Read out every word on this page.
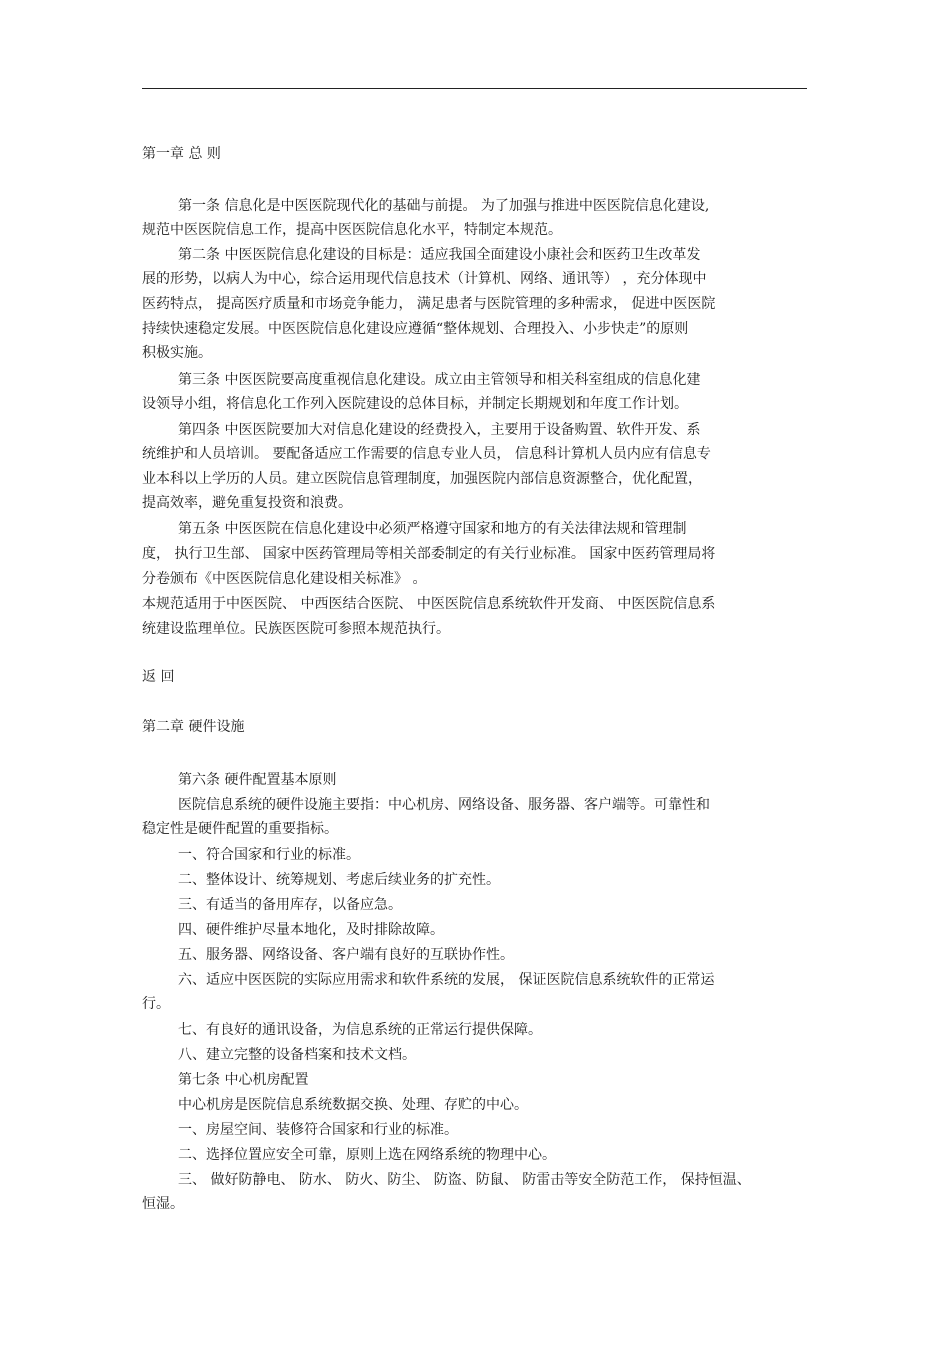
第一章 总 则
第一条 信息化是中医医院现代化的基础与前提。 为了加强与推进中医医院信息化建设,
规范中医医院信息工作，提高中医医院信息化水平，特制定本规范。
第二条 中医医院信息化建设的目标是：适应我国全面建设小康社会和医药卫生改革发
展的形势，以病人为中心，综合运用现代信息技术（计算机、网络、通讯等） ，充分体现中
医药特点， 提高医疗质量和市场竞争能力， 满足患者与医院管理的多种需求， 促进中医医院
持续快速稳定发展。中医医院信息化建设应遵循“整体规划、合理投入、小步快走”的原则
积极实施。
第三条 中医医院要高度重视信息化建设。成立由主管领导和相关科室组成的信息化建
设领导小组，将信息化工作列入医院建设的总体目标，并制定长期规划和年度工作计划。
第四条 中医医院要加大对信息化建设的经费投入，主要用于设备购置、软件开发、系
统维护和人员培训。 要配备适应工作需要的信息专业人员， 信息科计算机人员内应有信息专
业本科以上学历的人员。建立医院信息管理制度，加强医院内部信息资源整合，优化配置，
提高效率，避免重复投资和浪费。
第五条 中医医院在信息化建设中必须严格遵守国家和地方的有关法律法规和管理制
度， 执行卫生部、 国家中医药管理局等相关部委制定的有关行业标准。 国家中医药管理局将
分卷颁布《中医医院信息化建设相关标准》 。
本规范适用于中医医院、 中西医结合医院、 中医医院信息系统软件开发商、 中医医院信息系
统建设监理单位。民族医医院可参照本规范执行。
返 回
第二章 硬件设施
第六条 硬件配置基本原则
医院信息系统的硬件设施主要指：中心机房、网络设备、服务器、客户端等。可靠性和
稳定性是硬件配置的重要指标。
一、符合国家和行业的标准。
二、整体设计、统筹规划、考虑后续业务的扩充性。
三、有适当的备用库存，以备应急。
四、硬件维护尽量本地化，及时排除故障。
五、服务器、网络设备、客户端有良好的互联协作性。
六、适应中医医院的实际应用需求和软件系统的发展， 保证医院信息系统软件的正常运
行。
七、有良好的通讯设备，为信息系统的正常运行提供保障。
八、建立完整的设备档案和技术文档。
第七条 中心机房配置
中心机房是医院信息系统数据交换、处理、存贮的中心。
一、房屋空间、装修符合国家和行业的标准。
二、选择位置应安全可靠，原则上选在网络系统的物理中心。
三、 做好防静电、 防水、 防火、防尘、 防盗、防鼠、 防雷击等安全防范工作， 保持恒温、
恒湿。
